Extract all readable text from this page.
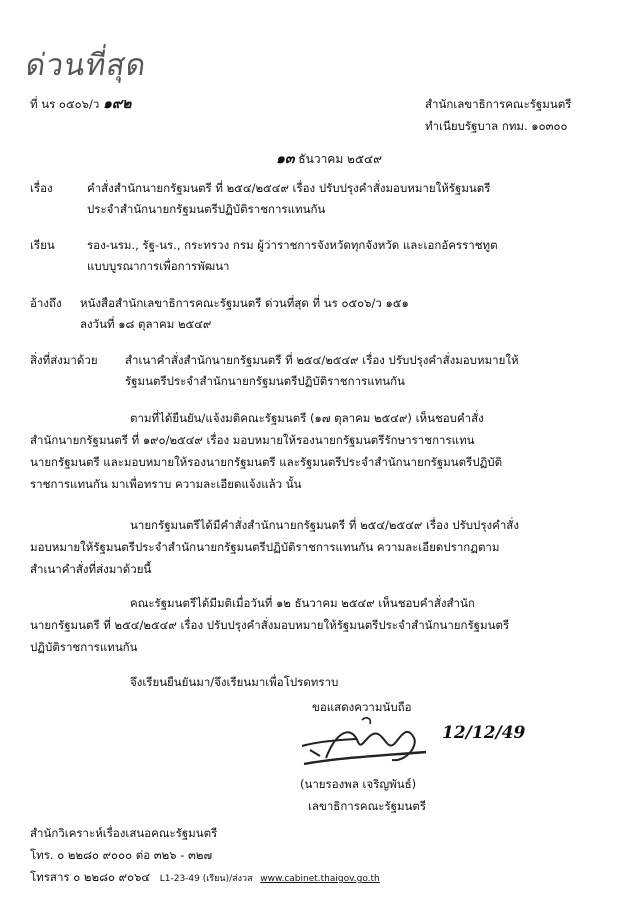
ด่วนที่สุด
ที่ นร ๐๕๐๖/ว ๑๙๒	สำนักเลขาธิการคณะรัฐมนตรี
ทำเนียบรัฐบาล กทม. ๑๐๓๐๐
๑๓ ธันวาคม ๒๕๔๙
เรื่อง	คำสั่งสำนักนายกรัฐมนตรี ที่ ๒๕๔/๒๕๔๙ เรื่อง ปรับปรุงคำสั่งมอบหมายให้รัฐมนตรี
ประจำสำนักนายกรัฐมนตรีปฏิบัติราชการแทนกัน
เรียน	รอง-นรม., รัฐ-นร., กระทรวง กรม ผู้ว่าราชการจังหวัดทุกจังหวัด และเอกอัครราชทูต
แบบบูรณาการเพื่อการพัฒนา
อ้างถึง หนังสือสำนักเลขาธิการคณะรัฐมนตรี ด่วนที่สุด ที่ นร ๐๕๐๖/ว ๑๕๑
ลงวันที่ ๑๘ ตุลาคม ๒๕๔๙
สิ่งที่ส่งมาด้วย สำเนาคำสั่งสำนักนายกรัฐมนตรี ที่ ๒๕๔/๒๕๔๙ เรื่อง ปรับปรุงคำสั่งมอบหมายให้
รัฐมนตรีประจำสำนักนายกรัฐมนตรีปฏิบัติราชการแทนกัน
ตามที่ได้ยืนยัน/แจ้งมติคณะรัฐมนตรี (๑๗ ตุลาคม ๒๕๔๙) เห็นชอบคำสั่ง
สำนักนายกรัฐมนตรี ที่ ๑๙๐/๒๕๔๙ เรื่อง มอบหมายให้รองนายกรัฐมนตรีรักษาราชการแทน
นายกรัฐมนตรี และมอบหมายให้รองนายกรัฐมนตรี และรัฐมนตรีประจำสำนักนายกรัฐมนตรีปฏิบัติ
ราชการแทนกัน มาเพื่อทราบ ความละเอียดแจ้งแล้ว นั้น
นายกรัฐมนตรีได้มีคำสั่งสำนักนายกรัฐมนตรี ที่ ๒๕๔/๒๕๔๙ เรื่อง ปรับปรุงคำสั่ง
มอบหมายให้รัฐมนตรีประจำสำนักนายกรัฐมนตรีปฏิบัติราชการแทนกัน ความละเอียดปรากฏตาม
สำเนาคำสั่งที่ส่งมาด้วยนี้
คณะรัฐมนตรีได้มีมติเมื่อวันที่ ๑๒ ธันวาคม ๒๕๔๙ เห็นชอบคำสั่งสำนัก
นายกรัฐมนตรี ที่ ๒๕๔/๒๕๔๙ เรื่อง ปรับปรุงคำสั่งมอบหมายให้รัฐมนตรีประจำสำนักนายกรัฐมนตรี
ปฏิบัติราชการแทนกัน
จึงเรียนยืนยันมา/จึงเรียนมาเพื่อโปรดทราบ
ขอแสดงความนับถือ
12/12/49
(นายรองพล เจริญพันธ์)
เลขาธิการคณะรัฐมนตรี
สำนักวิเคราะห์เรื่องเสนอคณะรัฐมนตรี
โทร. ๐ ๒๒๘๐ ๙๐๐๐ ต่อ ๓๒๖ - ๓๒๗
โทรสาร ๐ ๒๒๘๐ ๙๐๖๔ L1-23-49 (เรียน)/ส่งวส www.cabinet.thaigov.go.th
